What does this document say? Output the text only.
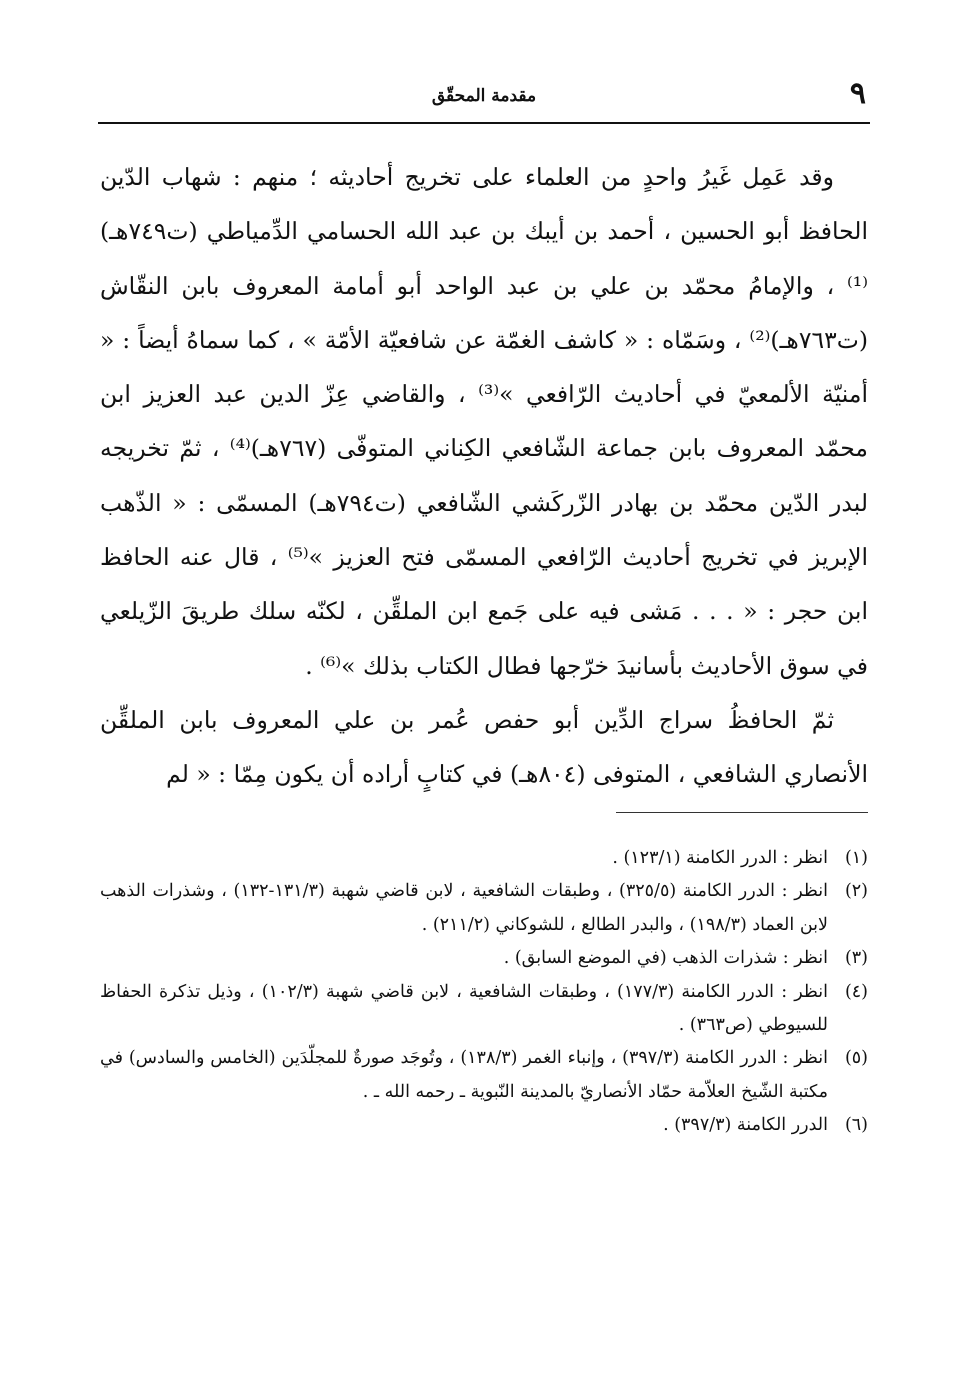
٩
مقدمة المحقّق

وقد عَمِل غَيرُ واحدٍ من العلماء على تخريج أحاديثه ؛ منهم : شهاب الدّين الحافظ أبو الحسين ، أحمد بن أيبك بن عبد الله الحسامي الدِّمياطي (ت٧٤٩هـ)⁽¹⁾ ، والإمامُ محمّد بن علي بن عبد الواحد أبو أمامة المعروف بابن النقّاش (ت٧٦٣هـ)⁽²⁾ ، وسَمّاه : « كاشف الغمّة عن شافعيّة الأمّة » ، كما سماهُ أيضاً : « أمنيّة الألمعيّ في أحاديث الرّافعي »⁽³⁾ ، والقاضي عِزّ الدين عبد العزيز ابن محمّد المعروف بابن جماعة الشّافعي الكِناني المتوفّى (٧٦٧هـ)⁽⁴⁾ ، ثمّ تخريجه لبدر الدّين محمّد بن بهادر الزّركَشي الشّافعي (ت٧٩٤هـ) المسمّى : « الذّهب الإبريز في تخريج أحاديث الرّافعي المسمّى فتح العزيز »⁽⁵⁾ ، قال عنه الحافظ ابن حجر : « . . . مَشى فيه على جَمع ابن الملقِّن ، لكنّه سلك طريقَ الزّيلعي في سوق الأحاديث بأسانيدَ خرّجها فطال الكتاب بذلك »⁽⁶⁾ .

ثمّ الحافظُ سراج الدِّين أبو حفص عُمر بن علي المعروف بابن الملقِّن الأنصاري الشافعي ، المتوفى (٨٠٤هـ) في كتابٍ أراده أن يكون مِمّا : « لم

(١)انظر : الدرر الكامنة (١٢٣/١) .

(٢)انظر : الدرر الكامنة (٣٢٥/٥) ، وطبقات الشافعية ، لابن قاضي شهبة (١٣١/٣-١٣٢) ، وشذرات الذهب لابن العماد (١٩٨/٣) ، والبدر الطالع ، للشوكاني (٢١١/٢) .

(٣)انظر : شذرات الذهب (في الموضع السابق) .

(٤)انظر : الدرر الكامنة (١٧٧/٣) ، وطبقات الشافعية ، لابن قاضي شهبة (١٠٢/٣) ، وذيل تذكرة الحفاظ للسيوطي (ص٣٦٣) .

(٥)انظر : الدرر الكامنة (٣٩٧/٣) ، وإنباء الغمر (١٣٨/٣) ، وتُوجَد صورةٌ للمجلّدَين (الخامس والسادس) في مكتبة الشّيخ العلاّمة حمّاد الأنصاريّ بالمدينة النّبوية ـ رحمه الله ـ .

(٦)الدرر الكامنة (٣٩٧/٣) .
